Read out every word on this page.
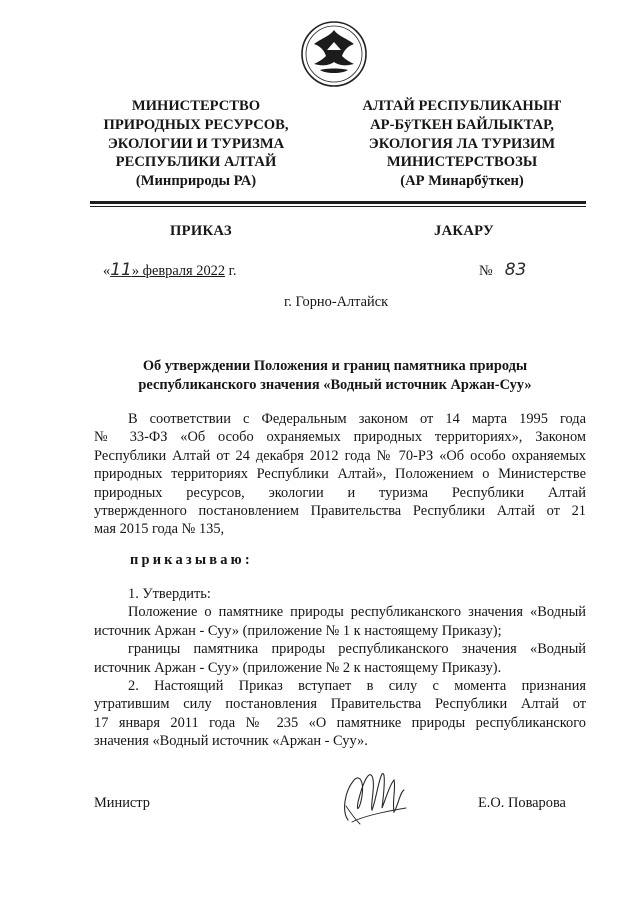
МИНИСТЕРСТВО
ПРИРОДНЫХ РЕСУРСОВ,
ЭКОЛОГИИ И ТУРИЗМА
РЕСПУБЛИКИ АЛТАЙ
(Минприроды РА)
АЛТАЙ РЕСПУБЛИКАНЫҤ
АР-БÿТКЕН БАЙЛЫКТАР,
ЭКОЛОГИЯ ЛА ТУРИЗИМ
МИНИСТЕРСТВОЗЫ
(АР Минарбÿткен)
ПРИКАЗ	JАКАРУ
«11» февраля 2022 г.	№ 83
г. Горно-Алтайск
Об утверждении Положения и границ памятника природы
республиканского значения «Водный источник Аржан-Суу»
В соответствии с Федеральным законом от 14 марта 1995 года
№ 33-ФЗ «Об особо охраняемых природных территориях», Законом
Республики Алтай от 24 декабря 2012 года № 70-РЗ «Об особо охраняемых
природных территориях Республики Алтай», Положением о Министерстве
природных ресурсов, экологии и туризма Республики Алтай
утвержденного постановлением Правительства Республики Алтай от 21
мая 2015 года № 135,
приказываю:
1. Утвердить:
Положение о памятнике природы республиканского значения «Водный
источник Аржан - Суу» (приложение № 1 к настоящему Приказу);
границы памятника природы республиканского значения «Водный
источник Аржан - Суу» (приложение № 2 к настоящему Приказу).
2. Настоящий Приказ вступает в силу с момента признания
утратившим силу постановления Правительства Республики Алтай от
17 января 2011 года № 235 «О памятнике природы республиканского
значения «Водный источник «Аржан - Суу».
Министр	Е.О. Поварова
